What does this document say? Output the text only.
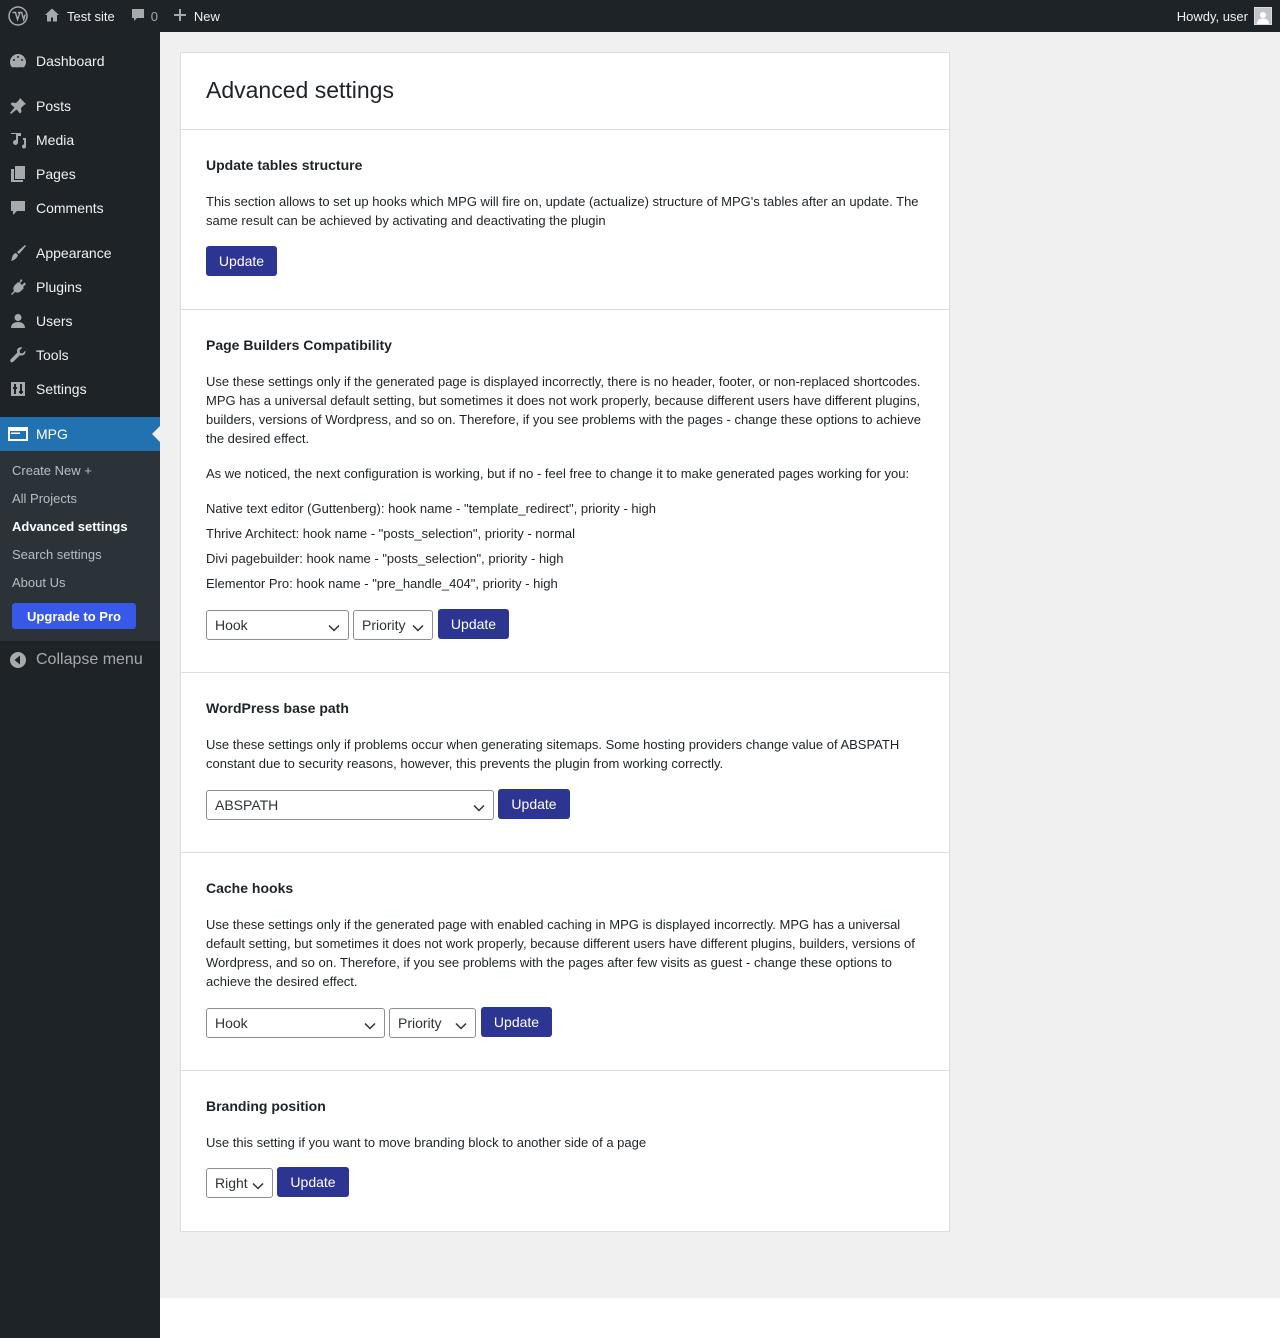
Test site	0	New	Howdy, user
Dashboard
Posts
Media
Pages
Comments
Appearance
Plugins
Users
Tools
Settings
MPG
Create New +
All Projects
Advanced settings
Search settings
About Us
Upgrade to Pro
Collapse menu
Advanced settings
Update tables structure
This section allows to set up hooks which MPG will fire on, update (actualize) structure of MPG's tables after an update. The same result can be achieved by activating and deactivating the plugin
Update
Page Builders Compatibility
Use these settings only if the generated page is displayed incorrectly, there is no header, footer, or non-replaced shortcodes. MPG has a universal default setting, but sometimes it does not work properly, because different users have different plugins, builders, versions of Wordpress, and so on. Therefore, if you see problems with the pages - change these options to achieve the desired effect.
As we noticed, the next configuration is working, but if no - feel free to change it to make generated pages working for you:
Native text editor (Guttenberg): hook name - "template_redirect", priority - high
Thrive Architect: hook name - "posts_selection", priority - normal
Divi pagebuilder: hook name - "posts_selection", priority - high
Elementor Pro: hook name - "pre_handle_404", priority - high
Hook	Priority	Update
WordPress base path
Use these settings only if problems occur when generating sitemaps. Some hosting providers change value of ABSPATH constant due to security reasons, however, this prevents the plugin from working correctly.
ABSPATH	Update
Cache hooks
Use these settings only if the generated page with enabled caching in MPG is displayed incorrectly. MPG has a universal default setting, but sometimes it does not work properly, because different users have different plugins, builders, versions of Wordpress, and so on. Therefore, if you see problems with the pages after few visits as guest - change these options to achieve the desired effect.
Hook	Priority	Update
Branding position
Use this setting if you want to move branding block to another side of a page
Right	Update
